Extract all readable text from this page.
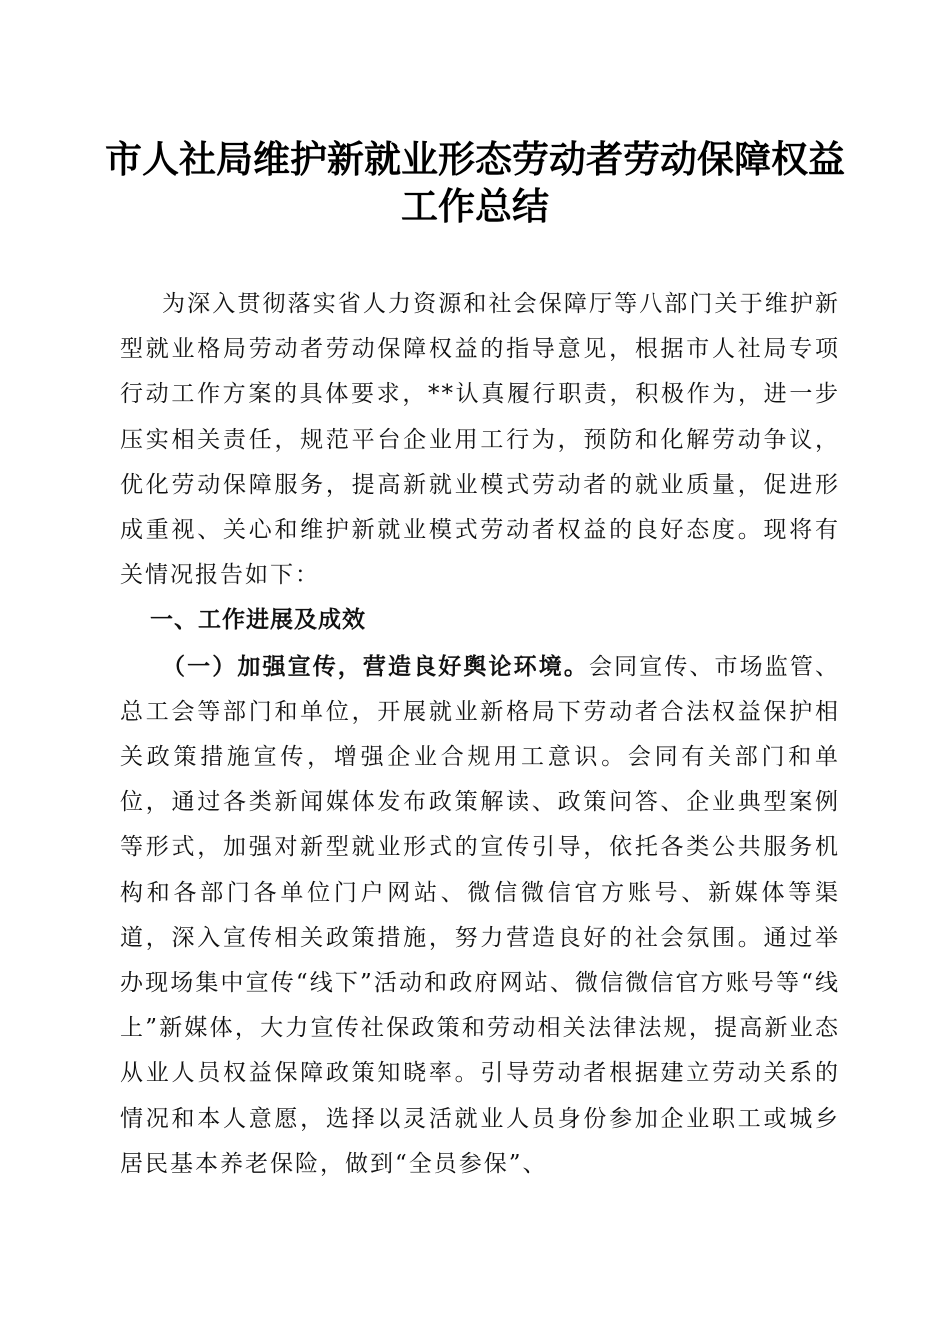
市人社局维护新就业形态劳动者劳动保障权益
工作总结

为深入贯彻落实省人力资源和社会保障厅等八部门关于维护新型就业格局劳动者劳动保障权益的指导意见，根据市人社局专项行动工作方案的具体要求，**认真履行职责，积极作为，进一步压实相关责任，规范平台企业用工行为，预防和化解劳动争议，优化劳动保障服务，提高新就业模式劳动者的就业质量，促进形成重视、关心和维护新就业模式劳动者权益的良好态度。现将有关情况报告如下：

一、工作进展及成效

（一）加强宣传，营造良好舆论环境。会同宣传、市场监管、总工会等部门和单位，开展就业新格局下劳动者合法权益保护相关政策措施宣传，增强企业合规用工意识。会同有关部门和单位，通过各类新闻媒体发布政策解读、政策问答、企业典型案例等形式，加强对新型就业形式的宣传引导，依托各类公共服务机构和各部门各单位门户网站、微信微信官方账号、新媒体等渠道，深入宣传相关政策措施，努力营造良好的社会氛围。通过举办现场集中宣传“线下”活动和政府网站、微信微信官方账号等“线上”新媒体，大力宣传社保政策和劳动相关法律法规，提高新业态从业人员权益保障政策知晓率。引导劳动者根据建立劳动关系的情况和本人意愿，选择以灵活就业人员身份参加企业职工或城乡居民基本养老保险，做到“全员参保”、
